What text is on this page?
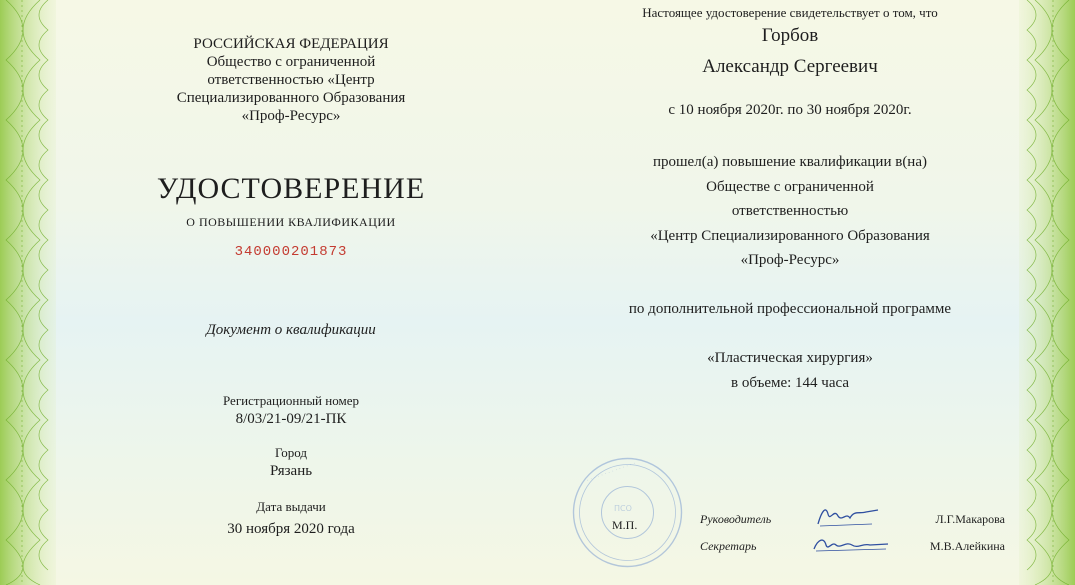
РОССИЙСКАЯ ФЕДЕРАЦИЯ
Общество с ограниченной
ответственностью «Центр
Специализированного Образования
«Проф-Ресурс»
УДОСТОВЕРЕНИЕ
О ПОВЫШЕНИИ КВАЛИФИКАЦИИ
340000201873
Документ о квалификации
Регистрационный номер
8/03/21-09/21-ПК
Город
Рязань
Дата выдачи
30 ноября 2020 года
Настоящее удостоверение свидетельствует о том, что
Горбов
Александр Сергеевич
с 10 ноября 2020г. по 30 ноября 2020г.
прошел(а) повышение квалификации в(на)
Обществе с ограниченной
ответственностью
«Центр Специализированного Образования
«Проф-Ресурс»
по дополнительной профессиональной программе
«Пластическая хирургия»
в объеме: 144 часа
. . . . . . . . . . . . . .
ПСО
М.П.	Руководитель	Л.Г.Макарова
Секретарь	М.В.Алейкина
